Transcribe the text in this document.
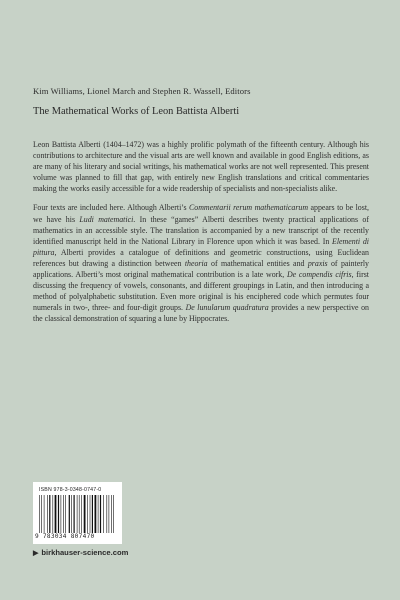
Kim Williams, Lionel March and Stephen R. Wassell, Editors
The Mathematical Works of Leon Battista Alberti

Leon Battista Alberti (1404–1472) was a highly prolific polymath of the fifteenth century. Although his contributions to architecture and the visual arts are well known and available in good English editions, as are many of his literary and social writings, his mathematical works are not well represented. This present volume was planned to fill that gap, with entirely new English translations and critical commentaries making the works easily accessible for a wide readership of specialists and non-specialists alike.

Four texts are included here. Although Alberti’s Commentarii rerum mathematicarum appears to be lost, we have his Ludi matematici. In these “games” Alberti describes twenty practical applications of mathematics in an accessible style. The translation is accompanied by a new transcript of the recently identified manuscript held in the National Library in Florence upon which it was based. In Elementi di pittura, Alberti provides a catalogue of definitions and geometric constructions, using Euclidean references but drawing a distinction between theoria of mathematical entities and praxis of painterly applications. Alberti’s most original mathematical contribution is a late work, De compendis cifris, first discussing the frequency of vowels, consonants, and different groupings in Latin, and then introducing a method of polyalphabetic substitution. Even more original is his enciphered code which permutes four numerals in two-, three- and four-digit groups. De lunularum quadratura provides a new perspective on the classical demonstration of squaring a lune by Hippocrates.

ISBN 978-3-0348-0747-0
9 783034 807470
▶ birkhauser-science.com
